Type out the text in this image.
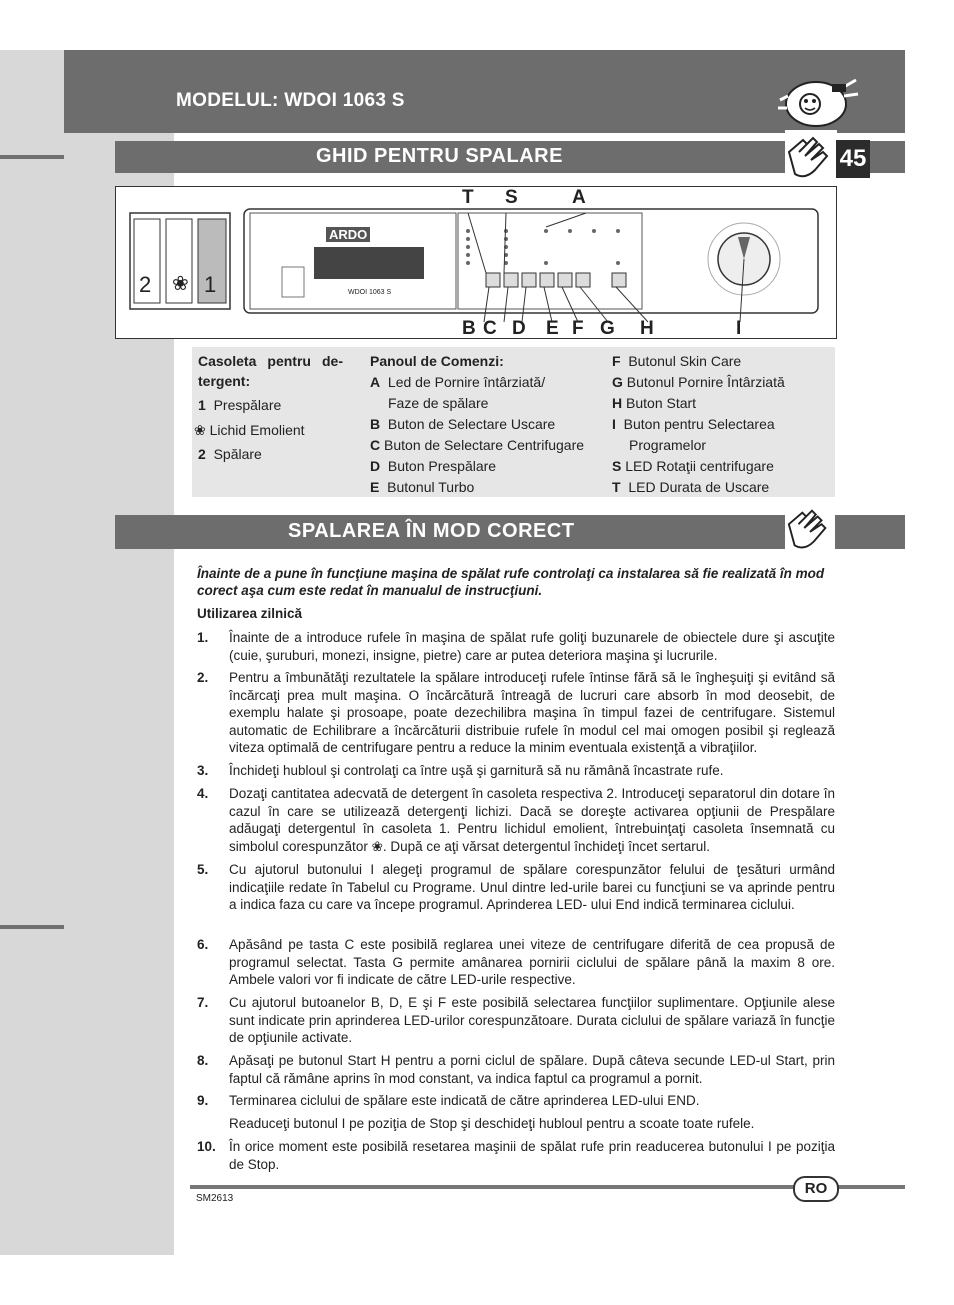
MODELUL: WDOI 1063 S
GHID PENTRU SPALARE	45
2 ❀ 1
ARDO
WDOI 1063 S
T S	A
B C D E F G H	I
Casoleta pentru de-tergent:
1 Prespălare
❀ Lichid Emolient
2 Spălare
Panoul de Comenzi:
A Led de Pornire întârziată/
Faze de spălare
B Buton de Selectare Uscare
C Buton de Selectare Centrifugare
D Buton Prespălare
E Butonul Turbo
F Butonul Skin Care
G Butonul Pornire Întârziată
H Buton Start
I Buton pentru Selectarea
Programelor
S LED Rotaţii centrifugare
T LED Durata de Uscare
SPALAREA ÎN MOD CORECT
Înainte de a pune în funcţiune maşina de spălat rufe controlaţi ca instalarea să fie realizată în mod corect aşa cum este redat în manualul de instrucţiuni.
Utilizarea zilnică
1. Înainte de a introduce rufele în maşina de spălat rufe goliţi buzunarele de obiectele dure şi ascuţite (cuie, şuruburi, monezi, insigne, pietre) care ar putea deteriora maşina şi lucrurile.
2. Pentru a îmbunătăţi rezultatele la spălare introduceţi rufele întinse fără să le îngheşuiţi şi evitând să încărcaţi prea mult maşina. O încărcătură întreagă de lucruri care absorb în mod deosebit, de exemplu halate şi prosoape, poate dezechilibra maşina în timpul fazei de centrifugare. Sistemul automatic de Echilibrare a încărcăturii distribuie rufele în modul cel mai omogen posibil şi reglează viteza optimală de centrifugare pentru a reduce la minim eventuala existenţă a vibraţiilor.
3. Închideţi hubloul şi controlaţi ca între uşă şi garnitură să nu rămână încastrate rufe.
4. Dozaţi cantitatea adecvată de detergent în casoleta respectiva 2. Introduceţi separatorul din dotare în cazul în care se utilizează detergenţi lichizi. Dacă se doreşte activarea opţiunii de Prespălare adăugaţi detergentul în casoleta 1. Pentru lichidul emolient, întrebuinţaţi casoleta însemnată cu simbolul corespunzător ❀. După ce aţi vărsat detergentul închideţi încet sertarul.
5. Cu ajutorul butonului I alegeţi programul de spălare corespunzător felului de ţesături urmând indicaţiile redate în Tabelul cu Programe. Unul dintre led-urile barei cu funcţiuni se va aprinde pentru a indica faza cu care va începe programul. Aprinderea LED- ului End indică terminarea ciclului.
6. Apăsând pe tasta C este posibilă reglarea unei viteze de centrifugare diferită de cea propusă de programul selectat. Tasta G permite amânarea pornirii ciclului de spălare până la maxim 8 ore. Ambele valori vor fi indicate de către LED-urile respective.
7. Cu ajutorul butoanelor B, D, E şi F este posibilă selectarea funcţiilor suplimentare. Opţiunile alese sunt indicate prin aprinderea LED-urilor corespunzătoare. Durata ciclului de spălare variază în funcţie de opţiunile activate.
8. Apăsaţi pe butonul Start H pentru a porni ciclul de spălare. După câteva secunde LED-ul Start, prin faptul că rămâne aprins în mod constant, va indica faptul ca programul a pornit.
9. Terminarea ciclului de spălare este indicată de către aprinderea LED-ului END.
Readuceţi butonul I pe poziţia de Stop şi deschideţi hubloul pentru a scoate toate rufele.
10. În orice moment este posibilă resetarea maşinii de spălat rufe prin readucerea butonului I pe poziţia de Stop.
RO
SM2613
